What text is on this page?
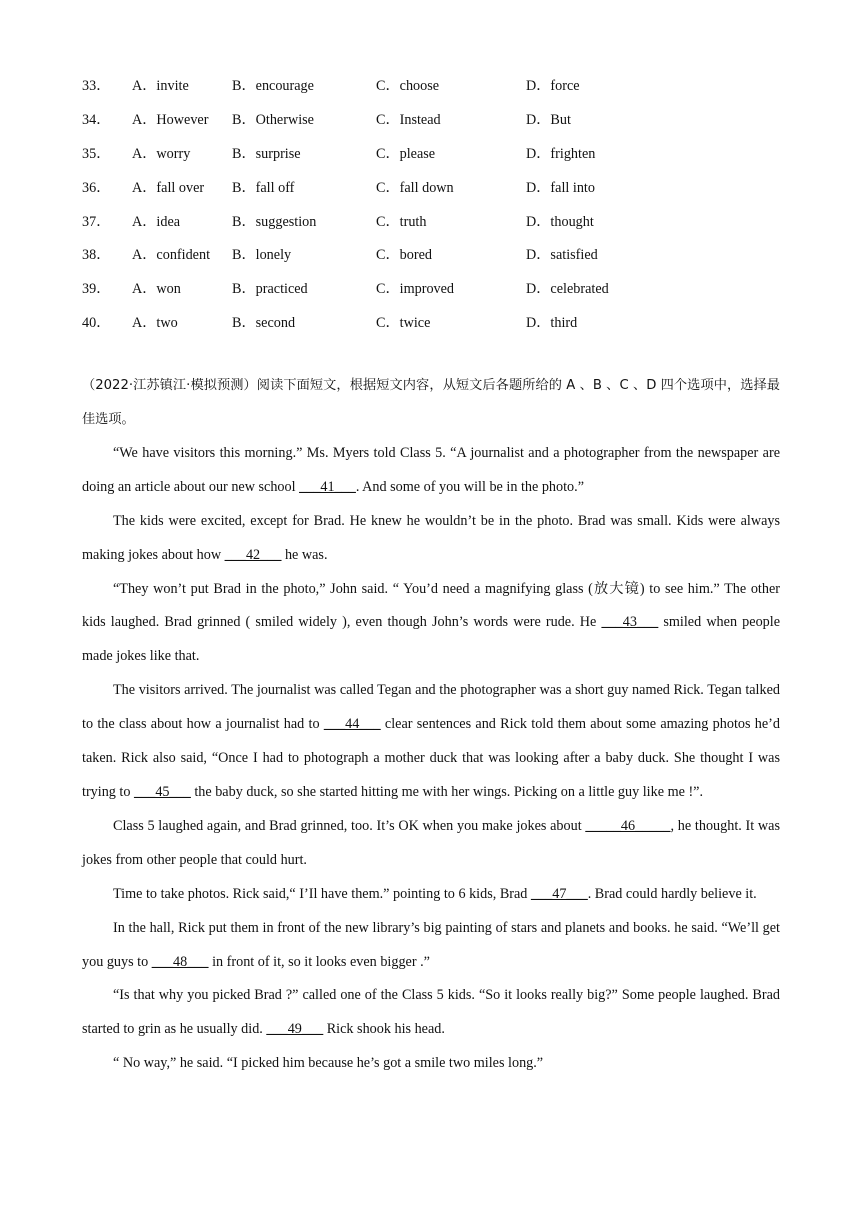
33．	A．invite	B．encourage	C．choose	D．force
34．	A．However	B．Otherwise	C．Instead	D．But
35．	A．worry	B．surprise	C．please	D．frighten
36．	A．fall over	B．fall off	C．fall down	D．fall into
37．	A．idea	B．suggestion	C．truth	D．thought
38．	A．confident	B．lonely	C．bored	D．satisfied
39．	A．won	B．practiced	C．improved	D．celebrated
40．	A．two	B．second	C．twice	D．third
（2022·江苏镇江·模拟预测）阅读下面短文，根据短文内容，从短文后各题所给的 A 、B 、C 、D 四个选项中，选择最佳选项。

“We have visitors this morning.” Ms. Myers told Class 5. “A journalist and a photographer from the newspaper are doing an article about our new school ___41___. And some of you will be in the photo.”

The kids were excited, except for Brad. He knew he wouldn’t be in the photo. Brad was small. Kids were always making jokes about how ___42___ he was.

“They won’t put Brad in the photo,” John said. “ You’d need a magnifying glass (放大镜) to see him.” The other kids laughed. Brad grinned ( smiled widely ), even though John’s words were rude. He ___43___ smiled when people made jokes like that.

The visitors arrived. The journalist was called Tegan and the photographer was a short guy named Rick. Tegan talked to the class about how a journalist had to ___44___ clear sentences and Rick told them about some amazing photos he’d taken. Rick also said, “Once I had to photograph a mother duck that was looking after a baby duck. She thought I was trying to ___45___ the baby duck, so she started hitting me with her wings. Picking on a little guy like me !”.

Class 5 laughed again, and Brad grinned, too. It’s OK when you make jokes about _____46_____, he thought. It was jokes from other people that could hurt.

Time to take photos. Rick said,“ I’Il have them.” pointing to 6 kids, Brad ___47___. Brad could hardly believe it.

In the hall, Rick put them in front of the new library’s big painting of stars and planets and books. he said. “We’ll get you guys to ___48___ in front of it, so it looks even bigger .”

“Is that why you picked Brad ?” called one of the Class 5 kids. “So it looks really big?” Some people laughed. Brad started to grin as he usually did. ___49___ Rick shook his head.

“ No way,” he said. “I picked him because he’s got a smile two miles long.”
